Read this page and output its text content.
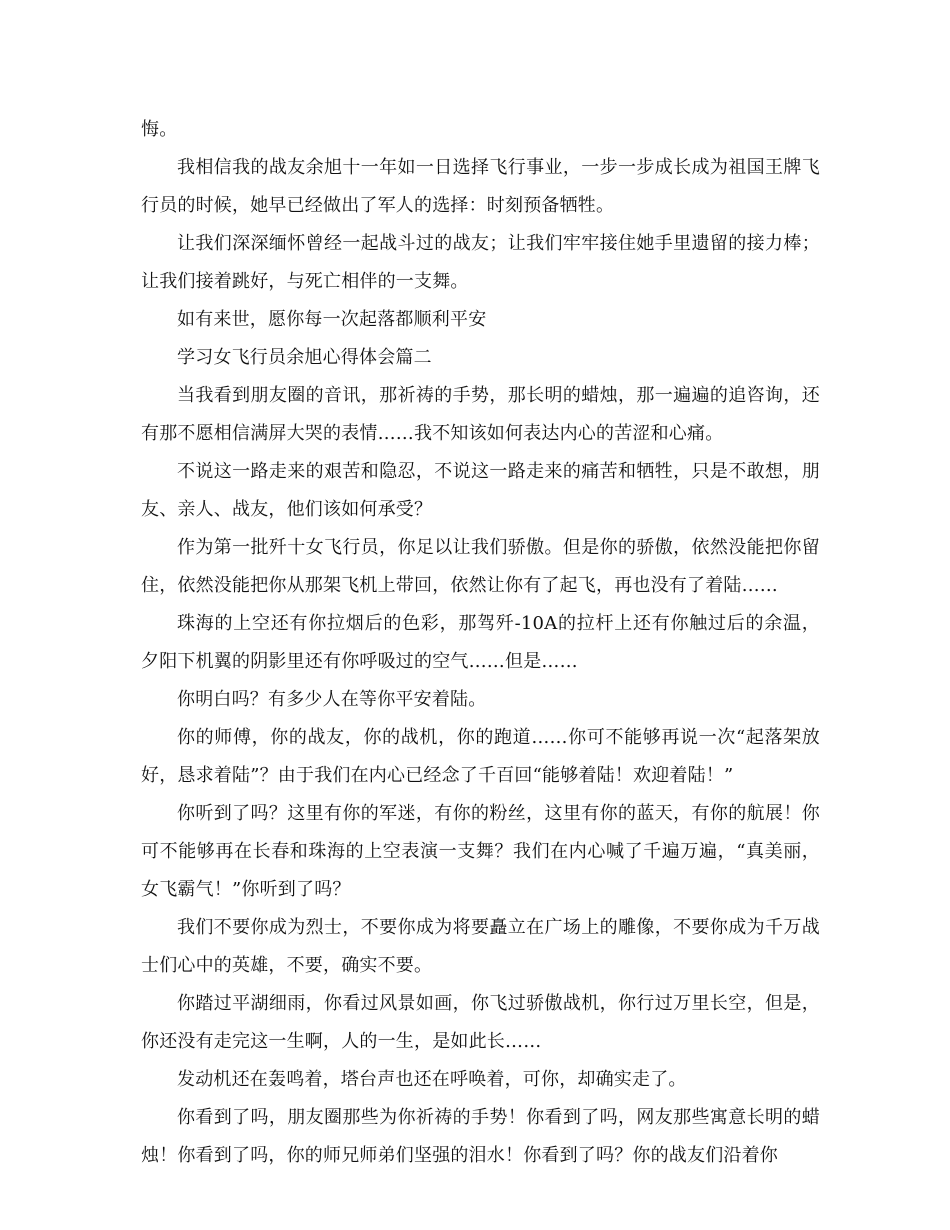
悔。

我相信我的战友余旭十一年如一日选择飞行事业，一步一步成长成为祖国王牌飞行员的时候，她早已经做出了军人的选择：时刻预备牺牲。

让我们深深缅怀曾经一起战斗过的战友；让我们牢牢接住她手里遗留的接力棒；让我们接着跳好，与死亡相伴的一支舞。

如有来世，愿你每一次起落都顺利平安

学习女飞行员余旭心得体会篇二

当我看到朋友圈的音讯，那祈祷的手势，那长明的蜡烛，那一遍遍的追咨询，还有那不愿相信满屏大哭的表情……我不知该如何表达内心的苦涩和心痛。

不说这一路走来的艰苦和隐忍，不说这一路走来的痛苦和牺牲，只是不敢想，朋友、亲人、战友，他们该如何承受？

作为第一批歼十女飞行员，你足以让我们骄傲。但是你的骄傲，依然没能把你留住，依然没能把你从那架飞机上带回，依然让你有了起飞，再也没有了着陆……

珠海的上空还有你拉烟后的色彩，那驾歼-10A的拉杆上还有你触过后的余温，夕阳下机翼的阴影里还有你呼吸过的空气……但是……

你明白吗？有多少人在等你平安着陆。

你的师傅，你的战友，你的战机，你的跑道……你可不能够再说一次“起落架放好，恳求着陆”？由于我们在内心已经念了千百回“能够着陆！欢迎着陆！”

你听到了吗？这里有你的军迷，有你的粉丝，这里有你的蓝天，有你的航展！你可不能够再在长春和珠海的上空表演一支舞？我们在内心喊了千遍万遍，“真美丽，女飞霸气！”你听到了吗？

我们不要你成为烈士，不要你成为将要矗立在广场上的雕像，不要你成为千万战士们心中的英雄，不要，确实不要。

你踏过平湖细雨，你看过风景如画，你飞过骄傲战机，你行过万里长空，但是，你还没有走完这一生啊，人的一生，是如此长……

发动机还在轰鸣着，塔台声也还在呼唤着，可你，却确实走了。

你看到了吗，朋友圈那些为你祈祷的手势！你看到了吗，网友那些寓意长明的蜡烛！你看到了吗，你的师兄师弟们坚强的泪水！你看到了吗？你的战友们沿着你
